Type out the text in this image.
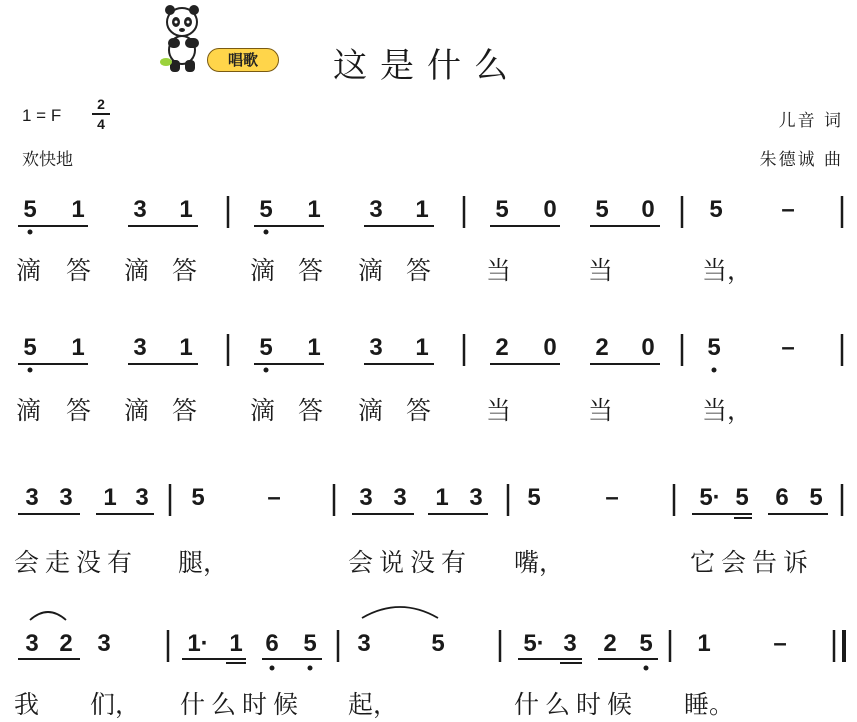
唱歌	这是什么
1 = F
2
4
欢快地
儿音 词
朱德诚 曲
5 1 3 1	5 1 3 1	5 0 5 0 5 –
滴 答 滴 答 滴 答 滴 答 当	当	当，
5 1 3 1	5 1 3 1	2 0 2 0 5	–
滴 答 滴 答 滴 答 滴 答 当	当	当，
3 3 1 3 5	–	3 3 1 3 5	–	5· 5 6 5
会走没有 腿，	会说没有 嘴，	它会告诉
3 2 3	1· 1 6 5 3	5	5· 3 2 5 1	–
我 们， 什么时候 起，	什么时候 睡。
